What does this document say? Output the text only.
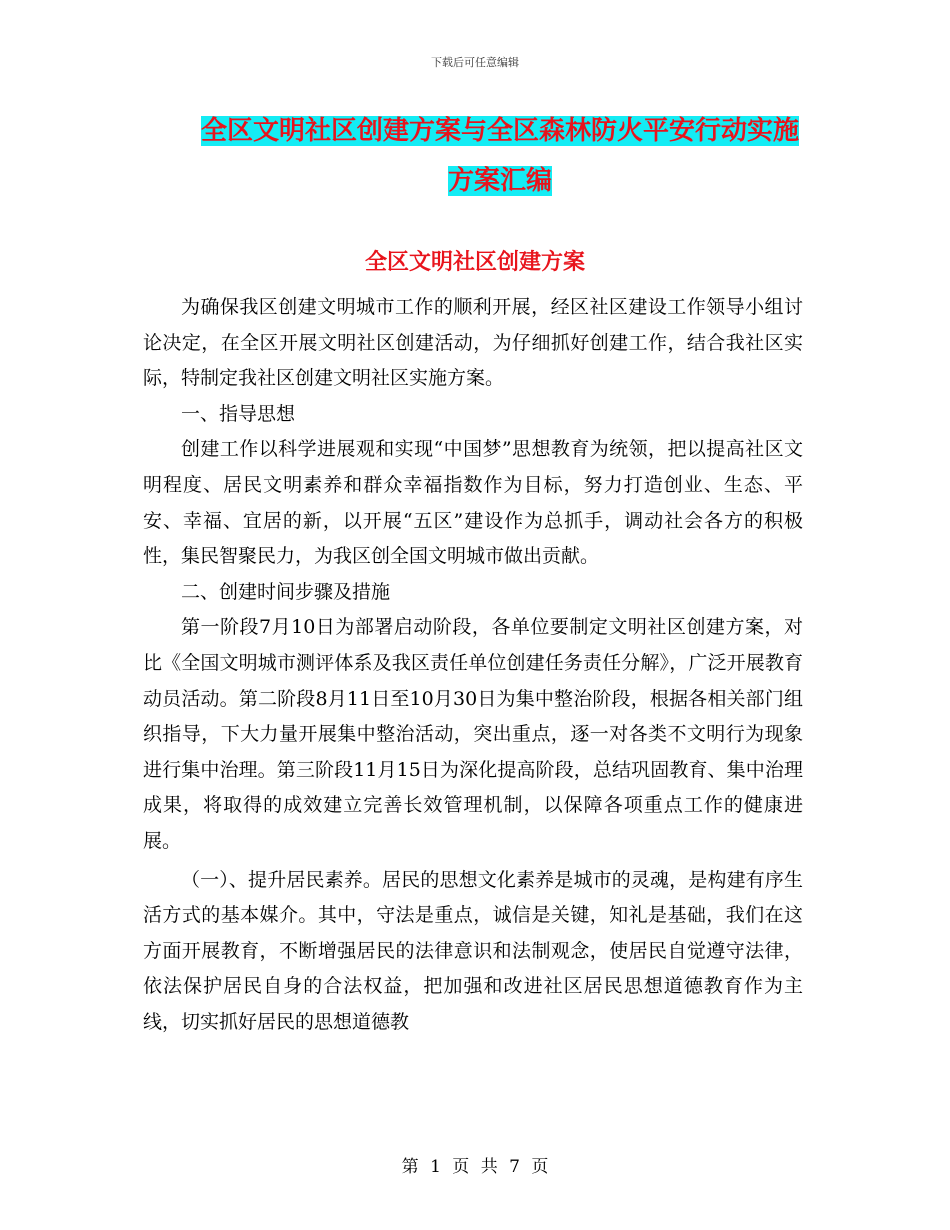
下载后可任意编辑
全区文明社区创建方案与全区森林防火平安行动实施
方案汇编
全区文明社区创建方案

为确保我区创建文明城市工作的顺利开展，经区社区建设工作领导小组讨论决定，在全区开展文明社区创建活动，为仔细抓好创建工作，结合我社区实际，特制定我社区创建文明社区实施方案。

一、指导思想

创建工作以科学进展观和实现“中国梦”思想教育为统领，把以提高社区文明程度、居民文明素养和群众幸福指数作为目标，努力打造创业、生态、平安、幸福、宜居的新，以开展“五区”建设作为总抓手，调动社会各方的积极性，集民智聚民力，为我区创全国文明城市做出贡献。

二、创建时间步骤及措施

第一阶段7月10日为部署启动阶段，各单位要制定文明社区创建方案，对比《全国文明城市测评体系及我区责任单位创建任务责任分解》，广泛开展教育动员活动。第二阶段8月11日至10月30日为集中整治阶段，根据各相关部门组织指导，下大力量开展集中整治活动，突出重点，逐一对各类不文明行为现象进行集中治理。第三阶段11月15日为深化提高阶段，总结巩固教育、集中治理成果，将取得的成效建立完善长效管理机制，以保障各项重点工作的健康进展。

（一）、提升居民素养。居民的思想文化素养是城市的灵魂，是构建有序生活方式的基本媒介。其中，守法是重点，诚信是关键，知礼是基础，我们在这方面开展教育，不断增强居民的法律意识和法制观念，使居民自觉遵守法律，依法保护居民自身的合法权益，把加强和改进社区居民思想道德教育作为主线，切实抓好居民的思想道德教

第 1 页 共 7 页
